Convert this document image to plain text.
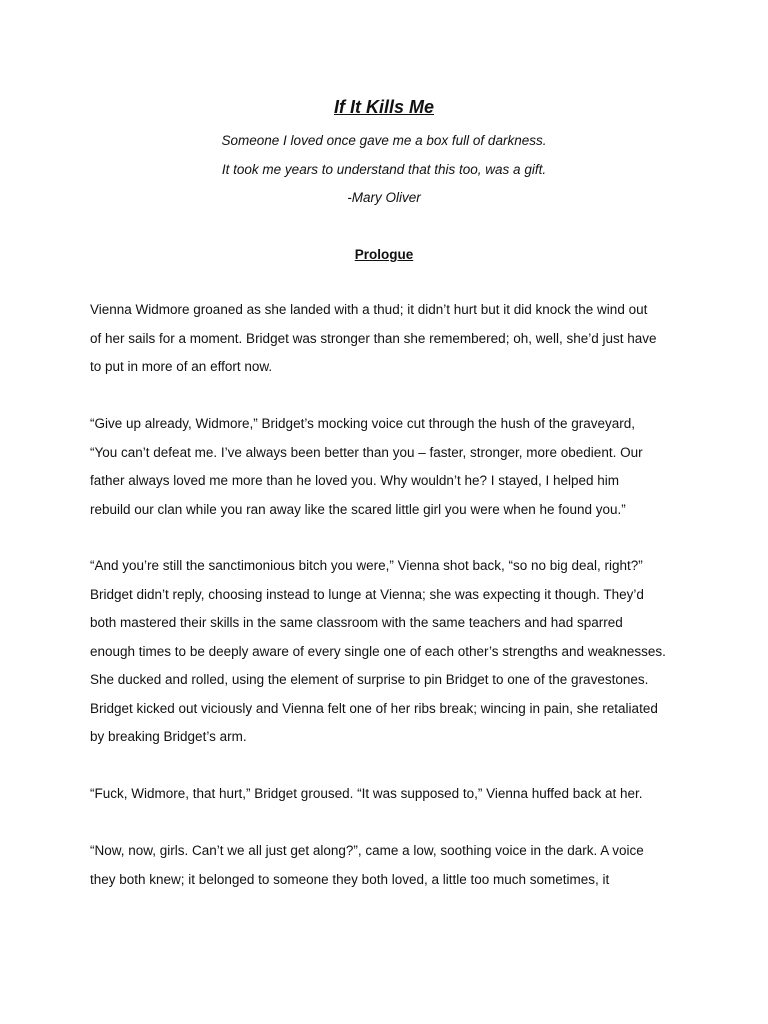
If It Kills Me
Someone I loved once gave me a box full of darkness.
It took me years to understand that this too, was a gift.
-Mary Oliver
Prologue
Vienna Widmore groaned as she landed with a thud; it didn’t hurt but it did knock the wind out
of her sails for a moment. Bridget was stronger than she remembered; oh, well, she’d just have
to put in more of an effort now.
“Give up already, Widmore,” Bridget’s mocking voice cut through the hush of the graveyard,
“You can’t defeat me. I’ve always been better than you – faster, stronger, more obedient. Our
father always loved me more than he loved you. Why wouldn’t he? I stayed, I helped him
rebuild our clan while you ran away like the scared little girl you were when he found you.”
“And you’re still the sanctimonious bitch you were,” Vienna shot back, “so no big deal, right?”
Bridget didn’t reply, choosing instead to lunge at Vienna; she was expecting it though. They’d
both mastered their skills in the same classroom with the same teachers and had sparred
enough times to be deeply aware of every single one of each other’s strengths and weaknesses.
She ducked and rolled, using the element of surprise to pin Bridget to one of the gravestones.
Bridget kicked out viciously and Vienna felt one of her ribs break; wincing in pain, she retaliated
by breaking Bridget’s arm.
“Fuck, Widmore, that hurt,” Bridget groused. “It was supposed to,” Vienna huffed back at her.
“Now, now, girls. Can’t we all just get along?”, came a low, soothing voice in the dark. A voice
they both knew; it belonged to someone they both loved, a little too much sometimes, it
